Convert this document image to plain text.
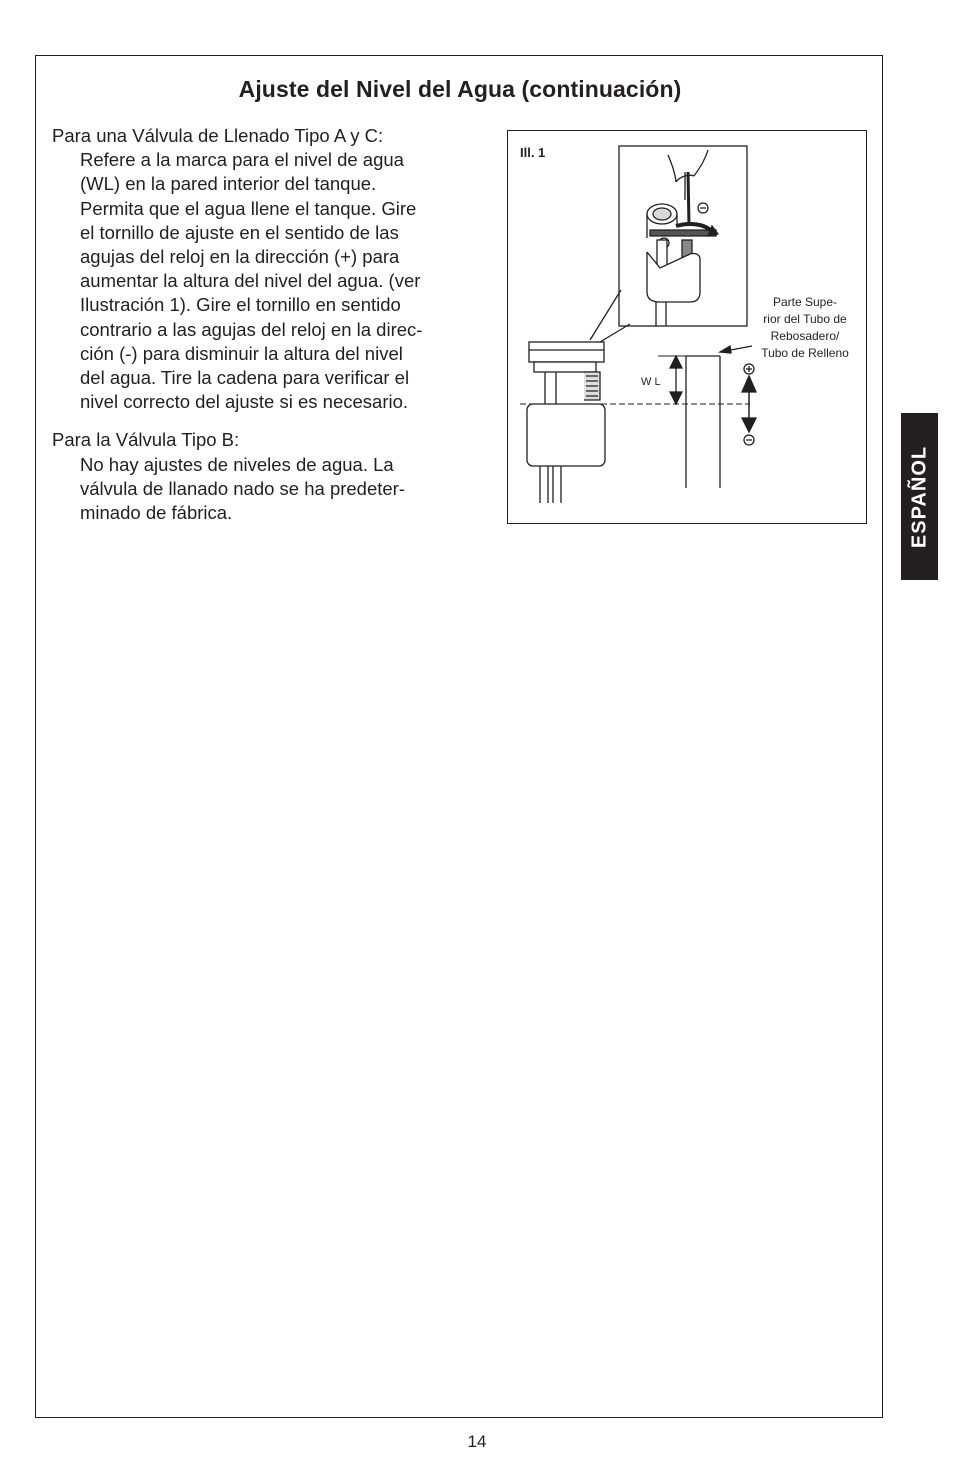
Ajuste del Nivel del Agua (continuación)

Para una Válvula de Llenado Tipo A y C:
Refere a la marca para el nivel de agua
(WL) en la pared interior del tanque.
Permita que el agua llene el tanque. Gire
el tornillo de ajuste en el sentido de las
agujas del reloj en la dirección (+) para
aumentar la altura del nivel del agua. (ver
Ilustración 1). Gire el tornillo en sentido
contrario a las agujas del reloj en la direc-
ción (-) para disminuir la altura del nivel
del agua. Tire la cadena para verificar el
nivel correcto del ajuste si es necesario.

Para la Válvula Tipo B:
No hay ajustes de niveles de agua. La
válvula de llanado nado se ha predeter-
minado de fábrica.

Ill. 1
Parte Supe-
rior del Tubo de
Rebosadero/
Tubo de Relleno
W L
ESPAÑOL
14
